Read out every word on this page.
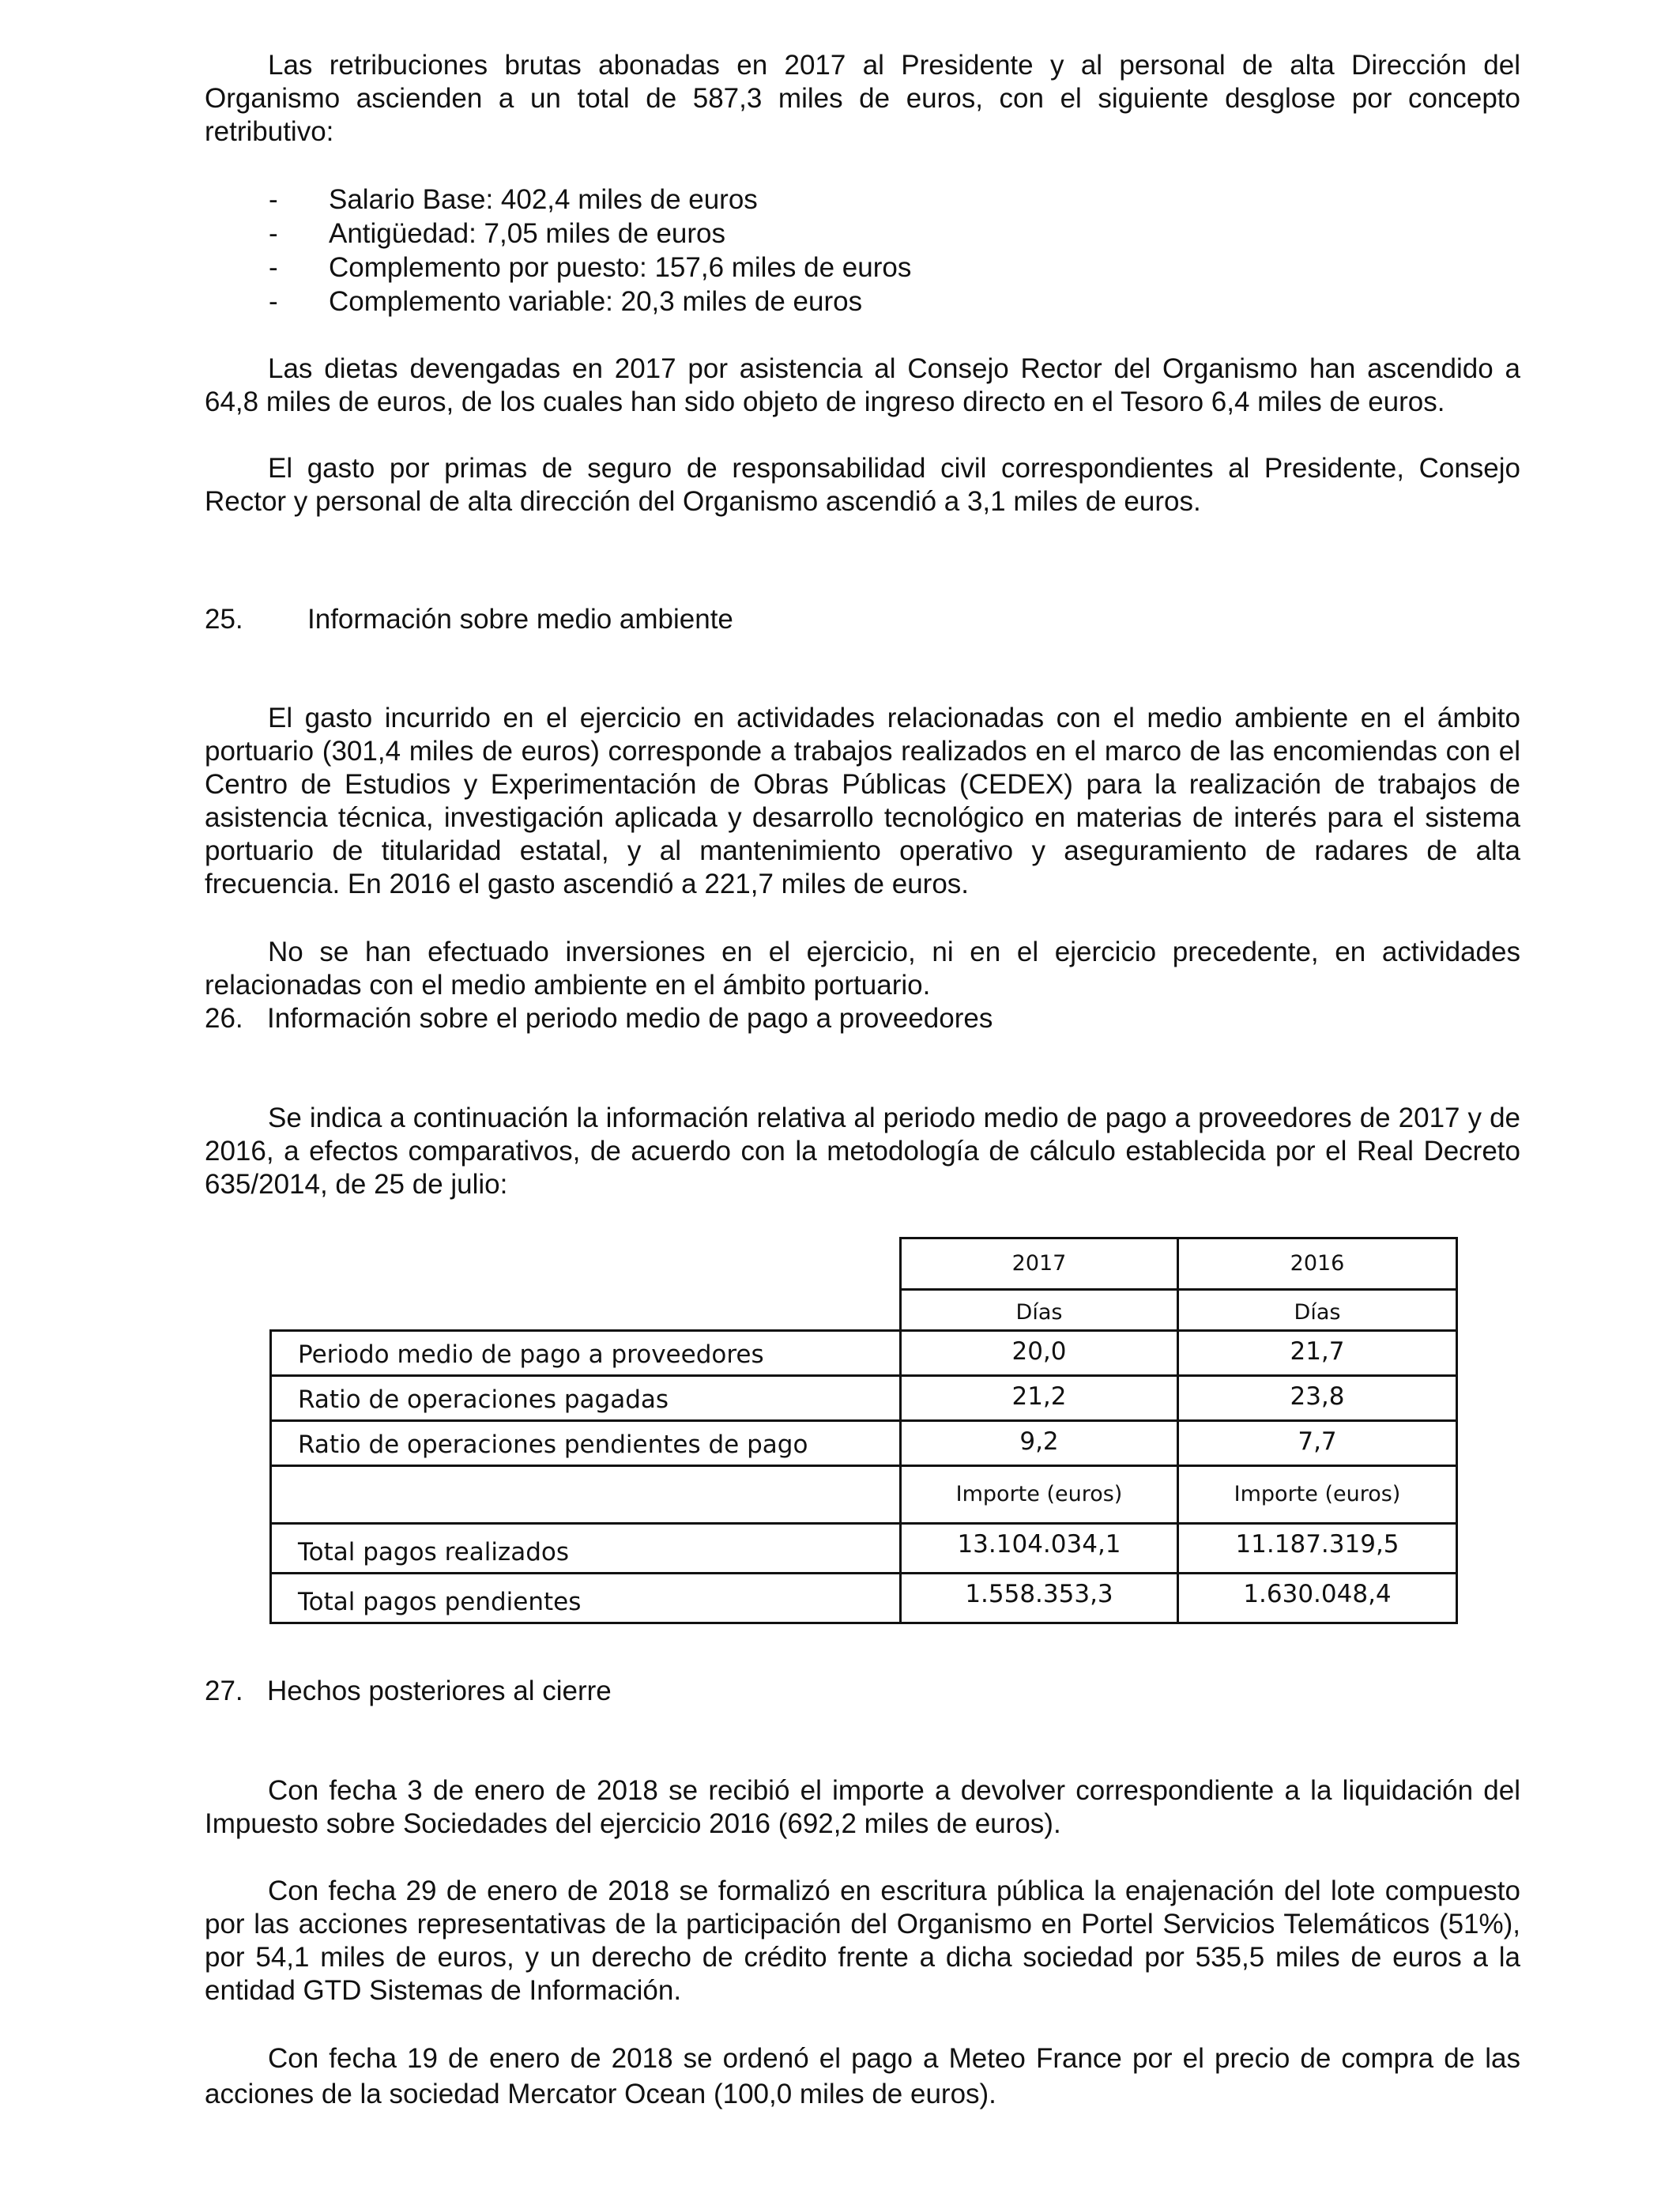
Las retribuciones brutas abonadas en 2017 al Presidente y al personal de alta Dirección del Organismo ascienden a un total de 587,3 miles de euros, con el siguiente desglose por concepto retributivo:

- Salario Base: 402,4 miles de euros
- Antigüedad: 7,05 miles de euros
- Complemento por puesto: 157,6 miles de euros
- Complemento variable: 20,3 miles de euros

Las dietas devengadas en 2017 por asistencia al Consejo Rector del Organismo han ascendido a 64,8 miles de euros, de los cuales han sido objeto de ingreso directo en el Tesoro 6,4 miles de euros.

El gasto por primas de seguro de responsabilidad civil correspondientes al Presidente, Consejo Rector y personal de alta dirección del Organismo ascendió a 3,1 miles de euros.

25. Información sobre medio ambiente

El gasto incurrido en el ejercicio en actividades relacionadas con el medio ambiente en el ámbito portuario (301,4 miles de euros) corresponde a trabajos realizados en el marco de las encomiendas con el Centro de Estudios y Experimentación de Obras Públicas (CEDEX) para la realización de trabajos de asistencia técnica, investigación aplicada y desarrollo tecnológico en materias de interés para el sistema portuario de titularidad estatal, y al mantenimiento operativo y aseguramiento de radares de alta frecuencia. En 2016 el gasto ascendió a 221,7 miles de euros.

No se han efectuado inversiones en el ejercicio, ni en el ejercicio precedente, en actividades relacionadas con el medio ambiente en el ámbito portuario.

26. Información sobre el periodo medio de pago a proveedores

Se indica a continuación la información relativa al periodo medio de pago a proveedores de 2017 y de 2016, a efectos comparativos, de acuerdo con la metodología de cálculo establecida por el Real Decreto 635/2014, de 25 de julio:

	2017	2016
	Días	Días
Periodo medio de pago a proveedores	20,0	21,7
Ratio de operaciones pagadas	21,2	23,8
Ratio de operaciones pendientes de pago	9,2	7,7
	Importe (euros)	Importe (euros)
Total pagos realizados	13.104.034,1	11.187.319,5
Total pagos pendientes	1.558.353,3	1.630.048,4
27. Hechos posteriores al cierre

Con fecha 3 de enero de 2018 se recibió el importe a devolver correspondiente a la liquidación del Impuesto sobre Sociedades del ejercicio 2016 (692,2 miles de euros).

Con fecha 29 de enero de 2018 se formalizó en escritura pública la enajenación del lote compuesto por las acciones representativas de la participación del Organismo en Portel Servicios Telemáticos (51%), por 54,1 miles de euros, y un derecho de crédito frente a dicha sociedad por 535,5 miles de euros a la entidad GTD Sistemas de Información.

Con fecha 19 de enero de 2018 se ordenó el pago a Meteo France por el precio de compra de las acciones de la sociedad Mercator Ocean (100,0 miles de euros).
